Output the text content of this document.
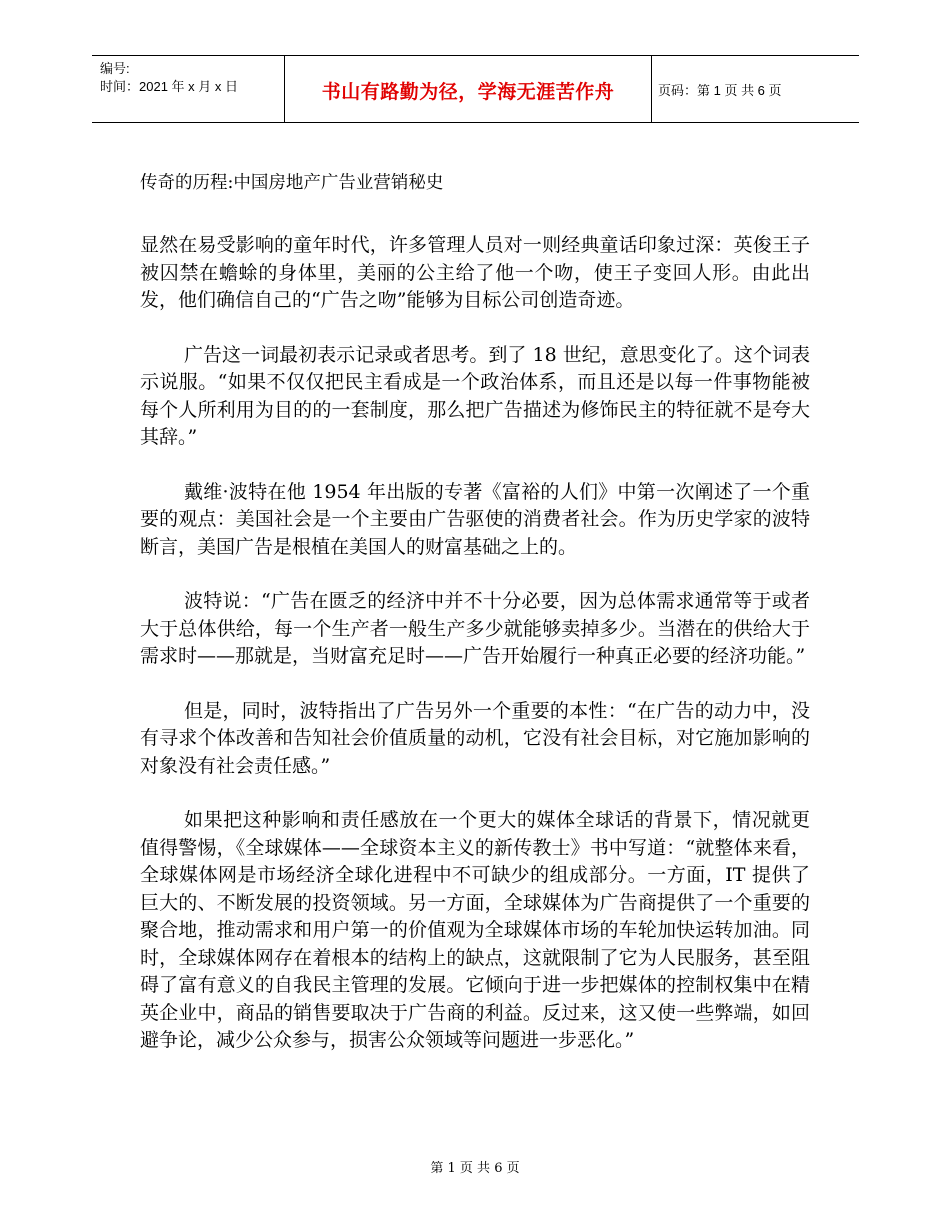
编号:
时间：2021 年 x 月 x 日	书山有路勤为径，学海无涯苦作舟	页码：第 1 页 共 6 页
传奇的历程:中国房地产广告业营销秘史

显然在易受影响的童年时代，许多管理人员对一则经典童话印象过深：英俊王子被囚禁在蟾蜍的身体里，美丽的公主给了他一个吻，使王子变回人形。由此出发，他们确信自己的“广告之吻”能够为目标公司创造奇迹。

广告这一词最初表示记录或者思考。到了 18 世纪，意思变化了。这个词表示说服。“如果不仅仅把民主看成是一个政治体系，而且还是以每一件事物能被每个人所利用为目的的一套制度，那么把广告描述为修饰民主的特征就不是夸大其辞。”

戴维·波特在他 1954 年出版的专著《富裕的人们》中第一次阐述了一个重要的观点：美国社会是一个主要由广告驱使的消费者社会。作为历史学家的波特断言，美国广告是根植在美国人的财富基础之上的。

波特说：“广告在匮乏的经济中并不十分必要，因为总体需求通常等于或者大于总体供给，每一个生产者一般生产多少就能够卖掉多少。当潜在的供给大于需求时——那就是，当财富充足时——广告开始履行一种真正必要的经济功能。”

但是，同时，波特指出了广告另外一个重要的本性：“在广告的动力中，没有寻求个体改善和告知社会价值质量的动机，它没有社会目标，对它施加影响的对象没有社会责任感。”

如果把这种影响和责任感放在一个更大的媒体全球话的背景下，情况就更值得警惕，《全球媒体——全球资本主义的新传教士》书中写道：“就整体来看，全球媒体网是市场经济全球化进程中不可缺少的组成部分。一方面，IT 提供了巨大的、不断发展的投资领域。另一方面，全球媒体为广告商提供了一个重要的聚合地，推动需求和用户第一的价值观为全球媒体市场的车轮加快运转加油。同时，全球媒体网存在着根本的结构上的缺点，这就限制了它为人民服务，甚至阻碍了富有意义的自我民主管理的发展。它倾向于进一步把媒体的控制权集中在精英企业中，商品的销售要取决于广告商的利益。反过来，这又使一些弊端，如回避争论，减少公众参与，损害公众领域等问题进一步恶化。”

第 1 页 共 6 页
